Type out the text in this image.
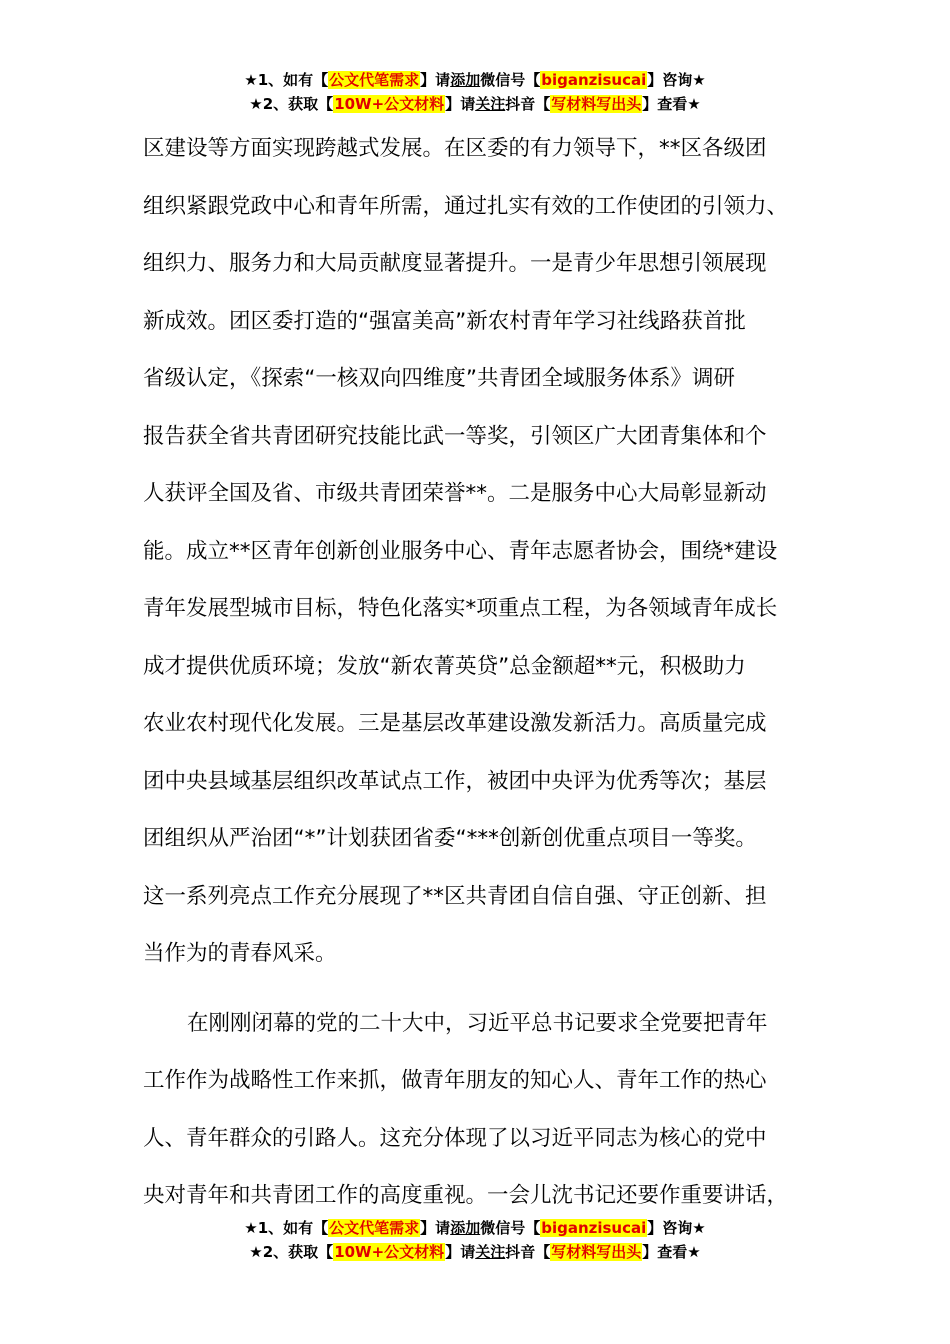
★1、如有【公文代笔需求】请添加微信号【biganzisucai】咨询★
★2、获取【10W+公文材料】请关注抖音【写材料写出头】查看★
区建设等方面实现跨越式发展。在区委的有力领导下，**区各级团
组织紧跟党政中心和青年所需，通过扎实有效的工作使团的引领力、
组织力、服务力和大局贡献度显著提升。一是青少年思想引领展现
新成效。团区委打造的“强富美高”新农村青年学习社线路获首批
省级认定，《探索“一核双向四维度”共青团全域服务体系》调研
报告获全省共青团研究技能比武一等奖，引领区广大团青集体和个
人获评全国及省、市级共青团荣誉**。二是服务中心大局彰显新动
能。成立**区青年创新创业服务中心、青年志愿者协会，围绕*建设
青年发展型城市目标，特色化落实*项重点工程，为各领域青年成长
成才提供优质环境；发放“新农菁英贷”总金额超**元，积极助力
农业农村现代化发展。三是基层改革建设激发新活力。高质量完成
团中央县域基层组织改革试点工作，被团中央评为优秀等次；基层
团组织从严治团“*”计划获团省委“***创新创优重点项目一等奖。
这一系列亮点工作充分展现了**区共青团自信自强、守正创新、担
当作为的青春风采。
在刚刚闭幕的党的二十大中，习近平总书记要求全党要把青年
工作作为战略性工作来抓，做青年朋友的知心人、青年工作的热心
人、青年群众的引路人。这充分体现了以习近平同志为核心的党中
央对青年和共青团工作的高度重视。一会儿沈书记还要作重要讲话，
★1、如有【公文代笔需求】请添加微信号【biganzisucai】咨询★
★2、获取【10W+公文材料】请关注抖音【写材料写出头】查看★
